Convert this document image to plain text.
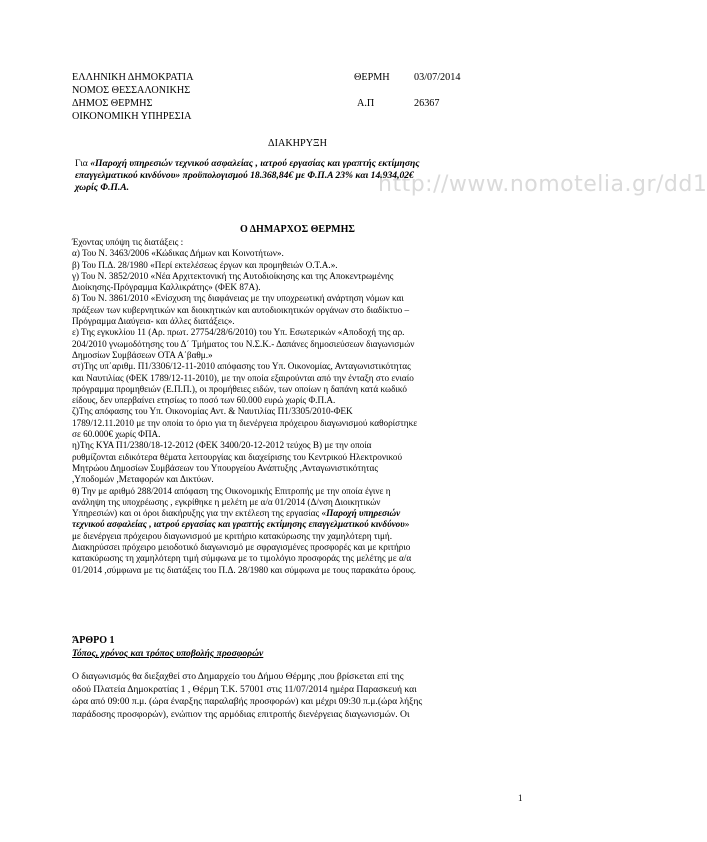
ΕΛΛΗΝΙΚΗ ΔΗΜΟΚΡΑΤΙΑ
ΝΟΜΟΣ ΘΕΣΣΑΛΟΝΙΚΗΣ
ΔΗΜΟΣ ΘΕΡΜΗΣ
ΟΙΚΟΝΟΜΙΚΗ ΥΠΗΡΕΣΙΑ
ΘΕΡΜΗ 03/07/2014
Α.Π	26367
ΔΙΑΚΗΡΥΞΗ
http://www.nomotelia.gr/dd1
Για «Παροχή υπηρεσιών τεχνικού ασφαλείας , ιατρού εργασίας και γραπτής εκτίμησης
επαγγελματικού κινδύνου» προϋπολογισμού 18.368,84€ με Φ.Π.Α 23% και 14.934,02€
χωρίς Φ.Π.Α.
Ο ΔΗΜΑΡΧΟΣ ΘΕΡΜΗΣ

Έχοντας υπόψη τις διατάξεις :

α) Του Ν. 3463/2006 «Κώδικας Δήμων και Κοινοτήτων».

β) Του Π.Δ. 28/1980 «Περί εκτελέσεως έργων και προμηθειών Ο.Τ.Α.».

γ) Του Ν. 3852/2010 «Νέα Αρχιτεκτονική της Αυτοδιοίκησης και της Αποκεντρωμένης

Διοίκησης-Πρόγραμμα Καλλικράτης» (ΦΕΚ 87Α).

δ) Του Ν. 3861/2010 «Ενίσχυση της διαφάνειας με την υποχρεωτική ανάρτηση νόμων και

πράξεων των κυβερνητικών και διοικητικών και αυτοδιοικητικών οργάνων στο διαδίκτυο –

Πρόγραμμα Διαύγεια- και άλλες διατάξεις».

ε) Της εγκυκλίου 11 (Αρ. πρωτ. 27754/28/6/2010) του Υπ. Εσωτερικών «Αποδοχή της αρ.

204/2010 γνωμοδότησης του Δ΄ Τμήματος του Ν.Σ.Κ.- Δαπάνες δημοσιεύσεων διαγωνισμών

Δημοσίων Συμβάσεων ΟΤΑ Α΄βαθμ.»

στ)Της υπ΄αριθμ. Π1/3306/12-11-2010 απόφασης του Υπ. Οικονομίας, Ανταγωνιστικότητας

και Ναυτιλίας (ΦΕΚ 1789/12-11-2010), με την οποία εξαιρούνται από την ένταξη στο ενιαίο

πρόγραμμα προμηθειών (Ε.Π.Π.), οι προμήθειες ειδών, των οποίων η δαπάνη κατά κωδικό

είδους, δεν υπερβαίνει ετησίως το ποσό των 60.000 ευρώ χωρίς Φ.Π.Α.

ζ)Της απόφασης του Υπ. Οικονομίας Αντ. & Ναυτιλίας Π1/3305/2010-ΦΕΚ

1789/12.11.2010 με την οποία το όριο για τη διενέργεια πρόχειρου διαγωνισμού καθορίστηκε

σε 60.000€ χωρίς ΦΠΑ.

η)Της ΚΥΑ Π1/2380/18-12-2012 (ΦΕΚ 3400/20-12-2012 τεύχος Β) με την οποία

ρυθμίζονται ειδικότερα θέματα λειτουργίας και διαχείρισης του Κεντρικού Ηλεκτρονικού

Μητρώου Δημοσίων Συμβάσεων του Υπουργείου Ανάπτυξης ,Ανταγωνιστικότητας

,Υποδομών ,Μεταφορών και Δικτύων.

θ) Την με αριθμό 288/2014 απόφαση της Οικονομικής Επιτροπής με την οποία έγινε η

ανάληψη της υποχρέωσης , εγκρίθηκε η μελέτη με α/α 01/2014 (Δ/νση Διοικητικών

Υπηρεσιών) και οι όροι διακήρυξης για την εκτέλεση της εργασίας «Παροχή υπηρεσιών

τεχνικού ασφαλείας , ιατρού εργασίας και γραπτής εκτίμησης επαγγελματικού κινδύνου»

με διενέργεια πρόχειρου διαγωνισμού με κριτήριο κατακύρωσης την χαμηλότερη τιμή.

Διακηρύσσει πρόχειρο μειοδοτικό διαγωνισμό με σφραγισμένες προσφορές και με κριτήριο

κατακύρωσης τη χαμηλότερη τιμή σύμφωνα με το τιμολόγιο προσφοράς της μελέτης με α/α

01/2014 ,σύμφωνα με τις διατάξεις του Π.Δ. 28/1980 και σύμφωνα με τους παρακάτω όρους.

ΆΡΘΡΟ 1
Τόπος, χρόνος και τρόπος υποβολής προσφορών

Ο διαγωνισμός θα διεξαχθεί στο Δημαρχείο του Δήμου Θέρμης ,που βρίσκεται επί της

οδού Πλατεία Δημοκρατίας 1 , Θέρμη Τ.Κ. 57001 στις 11/07/2014 ημέρα Παρασκευή και

ώρα από 09:00 π.μ. (ώρα έναρξης παραλαβής προσφορών) και μέχρι 09:30 π.μ.(ώρα λήξης

παράδοσης προσφορών), ενώπιον της αρμόδιας επιτροπής διενέργειας διαγωνισμών. Οι

1
